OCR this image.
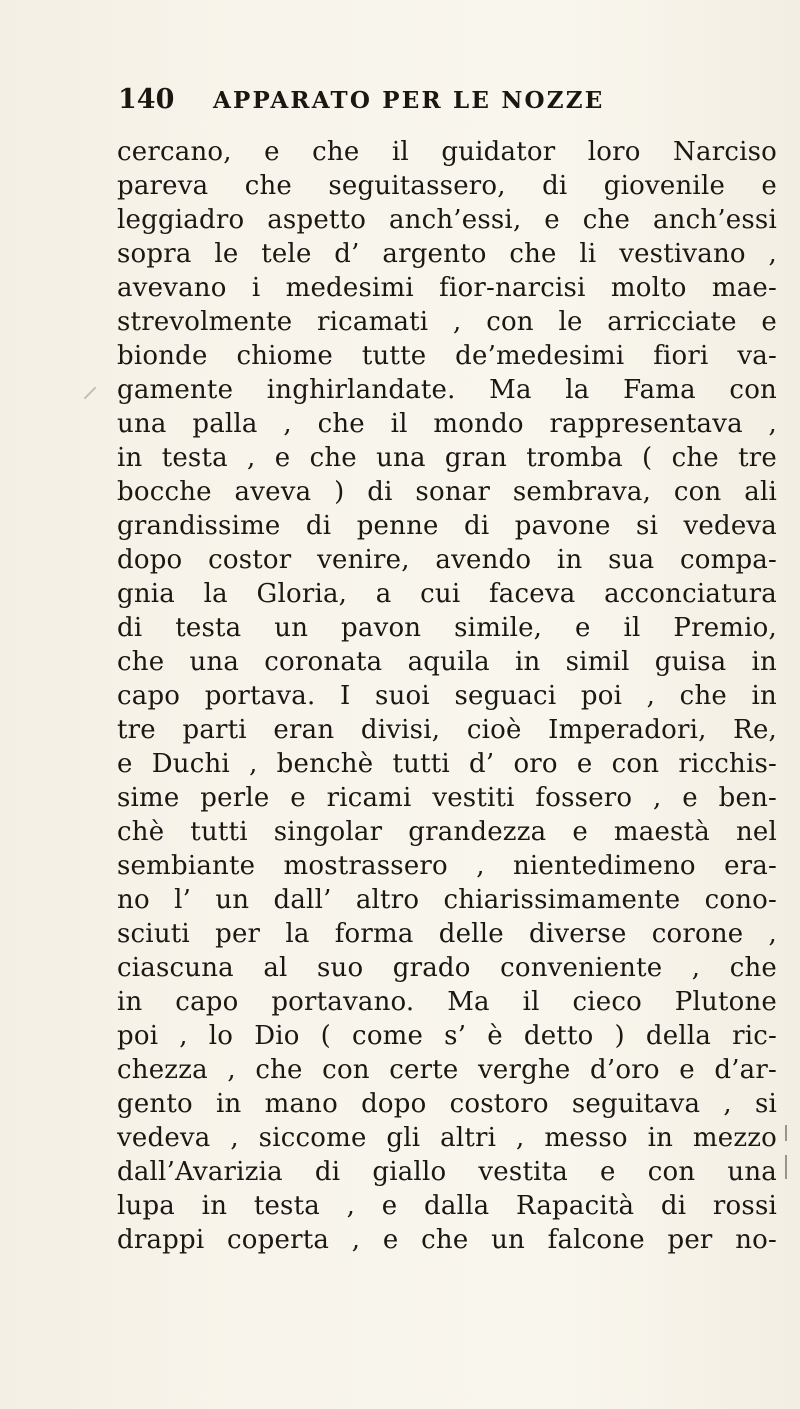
140 APPARATO PER LE NOZZE
cercano, e che il guidator loro Narciso
pareva che seguitassero, di giovenile e
leggiadro aspetto anch’essi, e che anch’essi
sopra le tele d’ argento che li vestivano ,
avevano i medesimi fior-narcisi molto mae-
strevolmente ricamati , con le arricciate e
bionde chiome tutte de’medesimi fiori va-
gamente inghirlandate. Ma la Fama con
una palla , che il mondo rappresentava ,
in testa , e che una gran tromba ( che tre
bocche aveva ) di sonar sembrava, con ali
grandissime di penne di pavone si vedeva
dopo costor venire, avendo in sua compa-
gnia la Gloria, a cui faceva acconciatura
di testa un pavon simile, e il Premio,
che una coronata aquila in simil guisa in
capo portava. I suoi seguaci poi , che in
tre parti eran divisi, cioè Imperadori, Re,
e Duchi , benchè tutti d’ oro e con ricchis-
sime perle e ricami vestiti fossero , e ben-
chè tutti singolar grandezza e maestà nel
sembiante mostrassero , nientedimeno era-
no l’ un dall’ altro chiarissimamente cono-
sciuti per la forma delle diverse corone ,
ciascuna al suo grado conveniente , che
in capo portavano. Ma il cieco Plutone
poi , lo Dio ( come s’ è detto ) della ric-
chezza , che con certe verghe d’oro e d’ar-
gento in mano dopo costoro seguitava , si
vedeva , siccome gli altri , messo in mezzo
dall’Avarizia di giallo vestita e con una
lupa in testa , e dalla Rapacità di rossi
drappi coperta , e che un falcone per no-
